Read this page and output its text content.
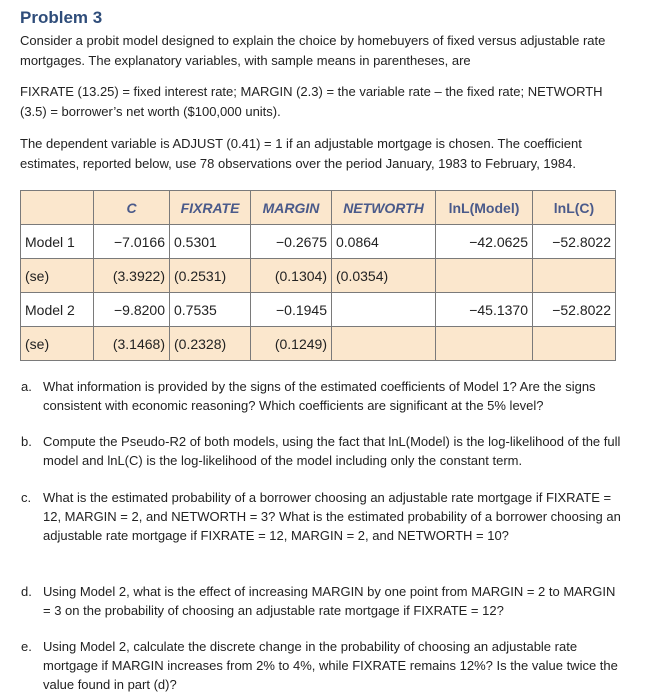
Problem 3

Consider a probit model designed to explain the choice by homebuyers of fixed versus adjustable rate mortgages. The explanatory variables, with sample means in parentheses, are

FIXRATE (13.25) = fixed interest rate; MARGIN (2.3) = the variable rate – the fixed rate; NETWORTH (3.5) = borrower’s net worth ($100,000 units).

The dependent variable is ADJUST (0.41) = 1 if an adjustable mortgage is chosen. The coefficient estimates, reported below, use 78 observations over the period January, 1983 to February, 1984.

	C	FIXRATE	MARGIN	NETWORTH	lnL(Model)	lnL(C)
Model 1	−7.0166	0.5301	−0.2675	0.0864	−42.0625	−52.8022
(se)	(3.3922)	(0.2531)	(0.1304)	(0.0354)		
Model 2	−9.8200	0.7535	−0.1945		−45.1370	−52.8022
(se)	(3.1468)	(0.2328)	(0.1249)			
a. What information is provided by the signs of the estimated coefficients of Model 1? Are the signs consistent with economic reasoning? Which coefficients are significant at the 5% level?
b. Compute the Pseudo-R2 of both models, using the fact that lnL(Model) is the log-likelihood of the full model and lnL(C) is the log-likelihood of the model including only the constant term.
c. What is the estimated probability of a borrower choosing an adjustable rate mortgage if FIXRATE = 12, MARGIN = 2, and NETWORTH = 3? What is the estimated probability of a borrower choosing an adjustable rate mortgage if FIXRATE = 12, MARGIN = 2, and NETWORTH = 10?
d. Using Model 2, what is the effect of increasing MARGIN by one point from MARGIN = 2 to MARGIN = 3 on the probability of choosing an adjustable rate mortgage if FIXRATE = 12?
e. Using Model 2, calculate the discrete change in the probability of choosing an adjustable rate mortgage if MARGIN increases from 2% to 4%, while FIXRATE remains 12%? Is the value twice the value found in part (d)?
